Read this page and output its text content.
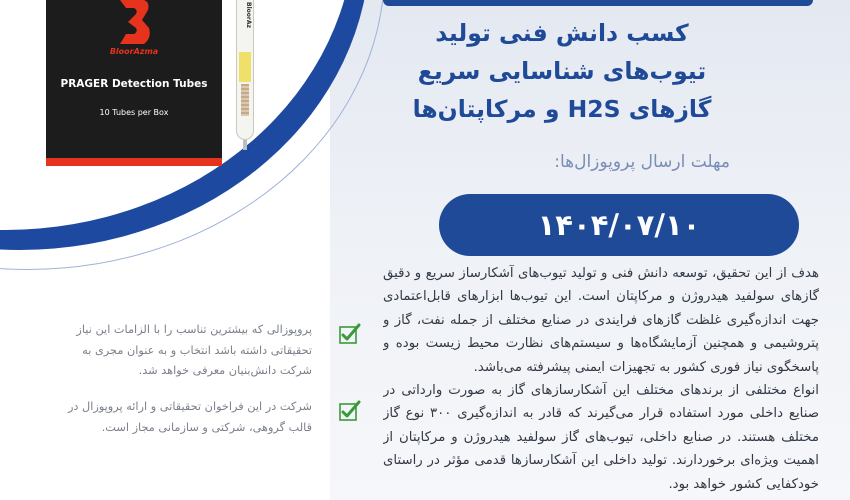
BloorAzma
PRAGER Detection Tubes
10 Tubes per Box
BloorAz
کسب دانش فنی تولید
تیوب‌های شناسایی سریع
گازهای H2S و مرکاپتان‌ها
مهلت ارسال پروپوزال‌ها:
۱۴۰۴/۰۷/۱۰

هدف از این تحقیق، توسعه دانش فنی و تولید تیوب‌های آشکارساز سریع و دقیق گازهای سولفید هیدروژن و مرکاپتان است. این تیوب‌ها ابزارهای قابل‌اعتمادی جهت اندازه‌گیری غلظت گازهای فرایندی در صنایع مختلف از جمله نفت، گاز و پتروشیمی و همچنین آزمایشگاه‌ها و سیستم‌های نظارت محیط زیست بوده و پاسخگوی نیاز فوری کشور به تجهیزات ایمنی پیشرفته می‌باشد.

انواع مختلفی از برندهای مختلف این آشکارسازهای گاز به صورت وارداتی در صنایع داخلی مورد استفاده قرار می‌گیرند که قادر به اندازه‌گیری ۳۰۰ نوع گاز مختلف هستند. در صنایع داخلی، تیوب‌های گاز سولفید هیدروژن و مرکاپتان از اهمیت ویژه‌ای برخوردارند. تولید داخلی این آشکارسازها قدمی مؤثر در راستای خودکفایی کشور خواهد بود.

پروپوزالی که بیشترین تناسب را با الزامات این نیاز تحقیقاتی داشته باشد انتخاب و به عنوان مجری به شرکت دانش‌بنیان معرفی خواهد شد.
شرکت در این فراخوان تحقیقاتی و ارائه پروپوزال در قالب گروهی، شرکتی و سازمانی مجاز است.
